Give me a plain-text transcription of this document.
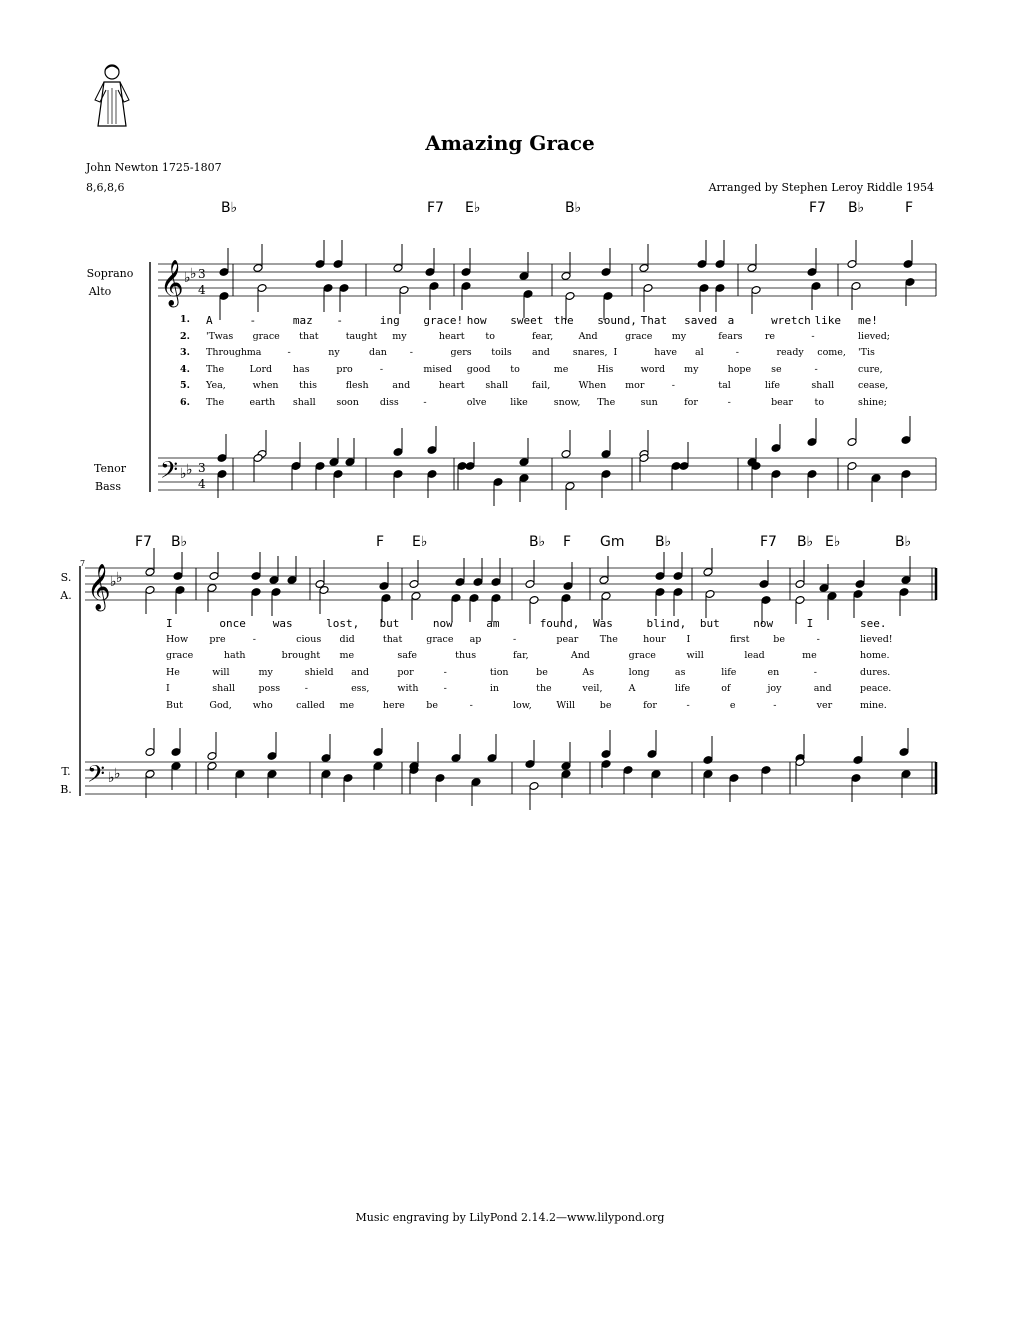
Amazing Grace
John Newton 1725-1807
8,6,8,6	Arranged by Stephen Leroy Riddle 1954
Soprano
Alto
Tenor
Bass
S.
A.
T.
B.
7
B♭	F7 E♭	B♭	F7 B♭	F
F7 B♭	F E♭	B♭ F Gm B♭	F7 B♭ E♭	B♭
𝄞
𝄢
𝄞
𝄢
♭ ♭
♭ ♭
♭ ♭
♭ ♭
3
4
3
4
1. A	-	maz -	ing grace! how sweet the sound, That saved a	wretch like me!
2. 'Twas grace that	taught my	heart to	fear,	And	grace my	fears re	-	lieved;
3. Through ma	-	ny	dan -	gers toils and snares, I	have al	-	ready come, 'Tis
4. The	Lord has	pro	-	mised good to	me	His	word my	hope se	-	cure,
5. Yea,	when this	flesh and	heart shall	fail,	When mor	-	tal	life	shall	cease,
6. The	earth shall soon diss	-	olve like	snow, The	sun	for	-	bear to	shine;
I	once was	lost, but	now	am	found, Was	blind, but	now	I	see.
How pre	-	cious did	that	grace ap	-	pear The	hour I	first	be	-	lieved!
grace	hath	brought me	safe	thus	far,	And	grace	will	lead	me	home.
He	will	my	shield and	por	-	tion	be	As	long	as	life	en	-	dures.
I	shall poss	-	ess,	with	-	in	the	veil,	A	life	of	joy	and	peace.
But	God, who called me	here be	-	low,	Will	be	for	-	e	-	ver	mine.
Music engraving by LilyPond 2.14.2—www.lilypond.org
